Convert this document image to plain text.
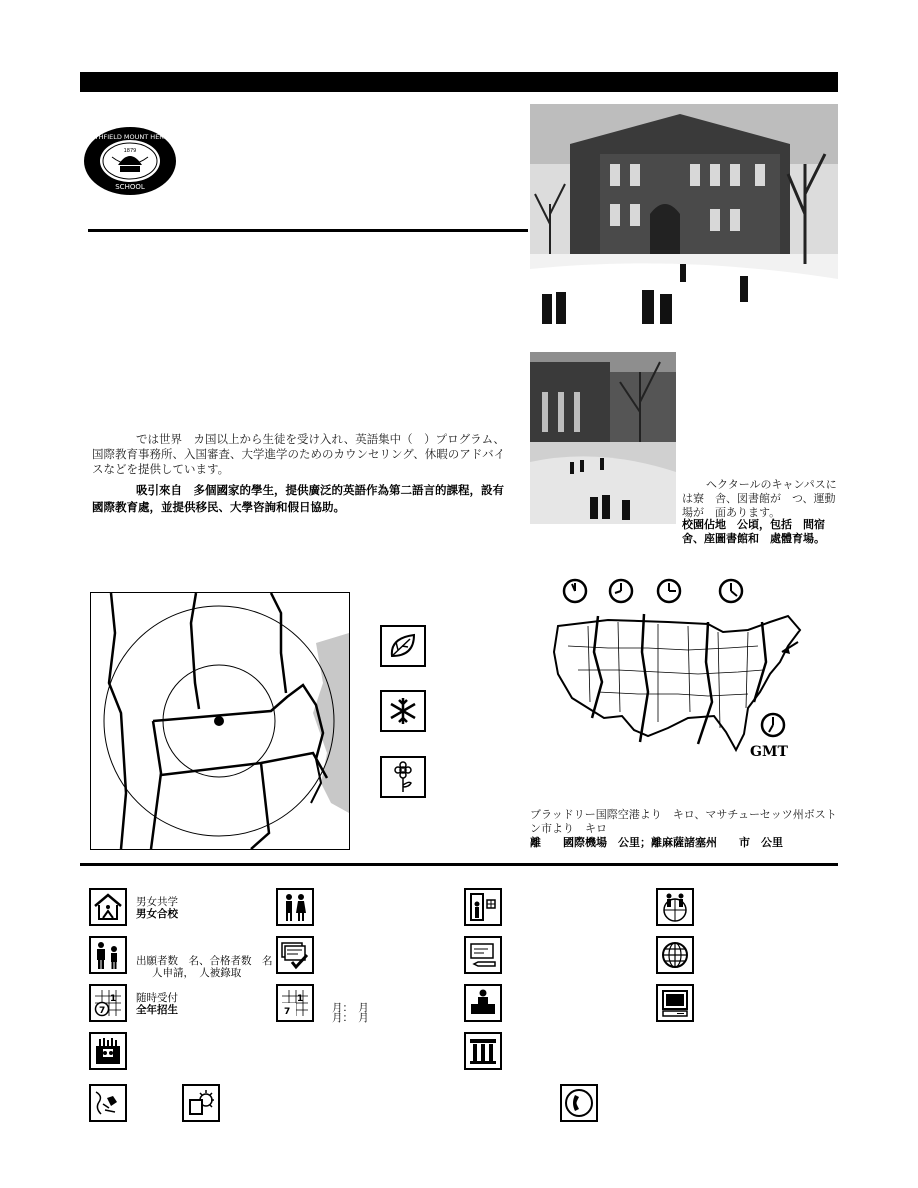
NORTHFIELD MOUNT HERMON
SCHOOL
1879
では世界　カ国以上から生徒を受け入れ、英語集中（　）プログラム、国際教育事務所、入国審査、大学進学のためのカウンセリング、休暇のアドバイスなどを提供しています。
吸引來自　多個國家的學生，提供廣泛的英語作為第二語言的課程，設有國際教育處，並提供移民、大學咨詢和假日協助。
ヘクタールのキャンパスには寮　舎、図書館が　つ、運動場が　面あります。
校園佔地　公頃，包括　間宿舍、座圖書館和　處體育場。
GMT
ブラッドリー国際空港より　キロ、マサチューセッツ州ボストン市より　キロ
離　　國際機場　公里；離麻薩諸塞州　　市　公里
男女共学
男女合校
出願者数　名、合格者数　名
人申請，　人被錄取
1
7
随時受付
全年招生
1
7	月：　月
月：　月
